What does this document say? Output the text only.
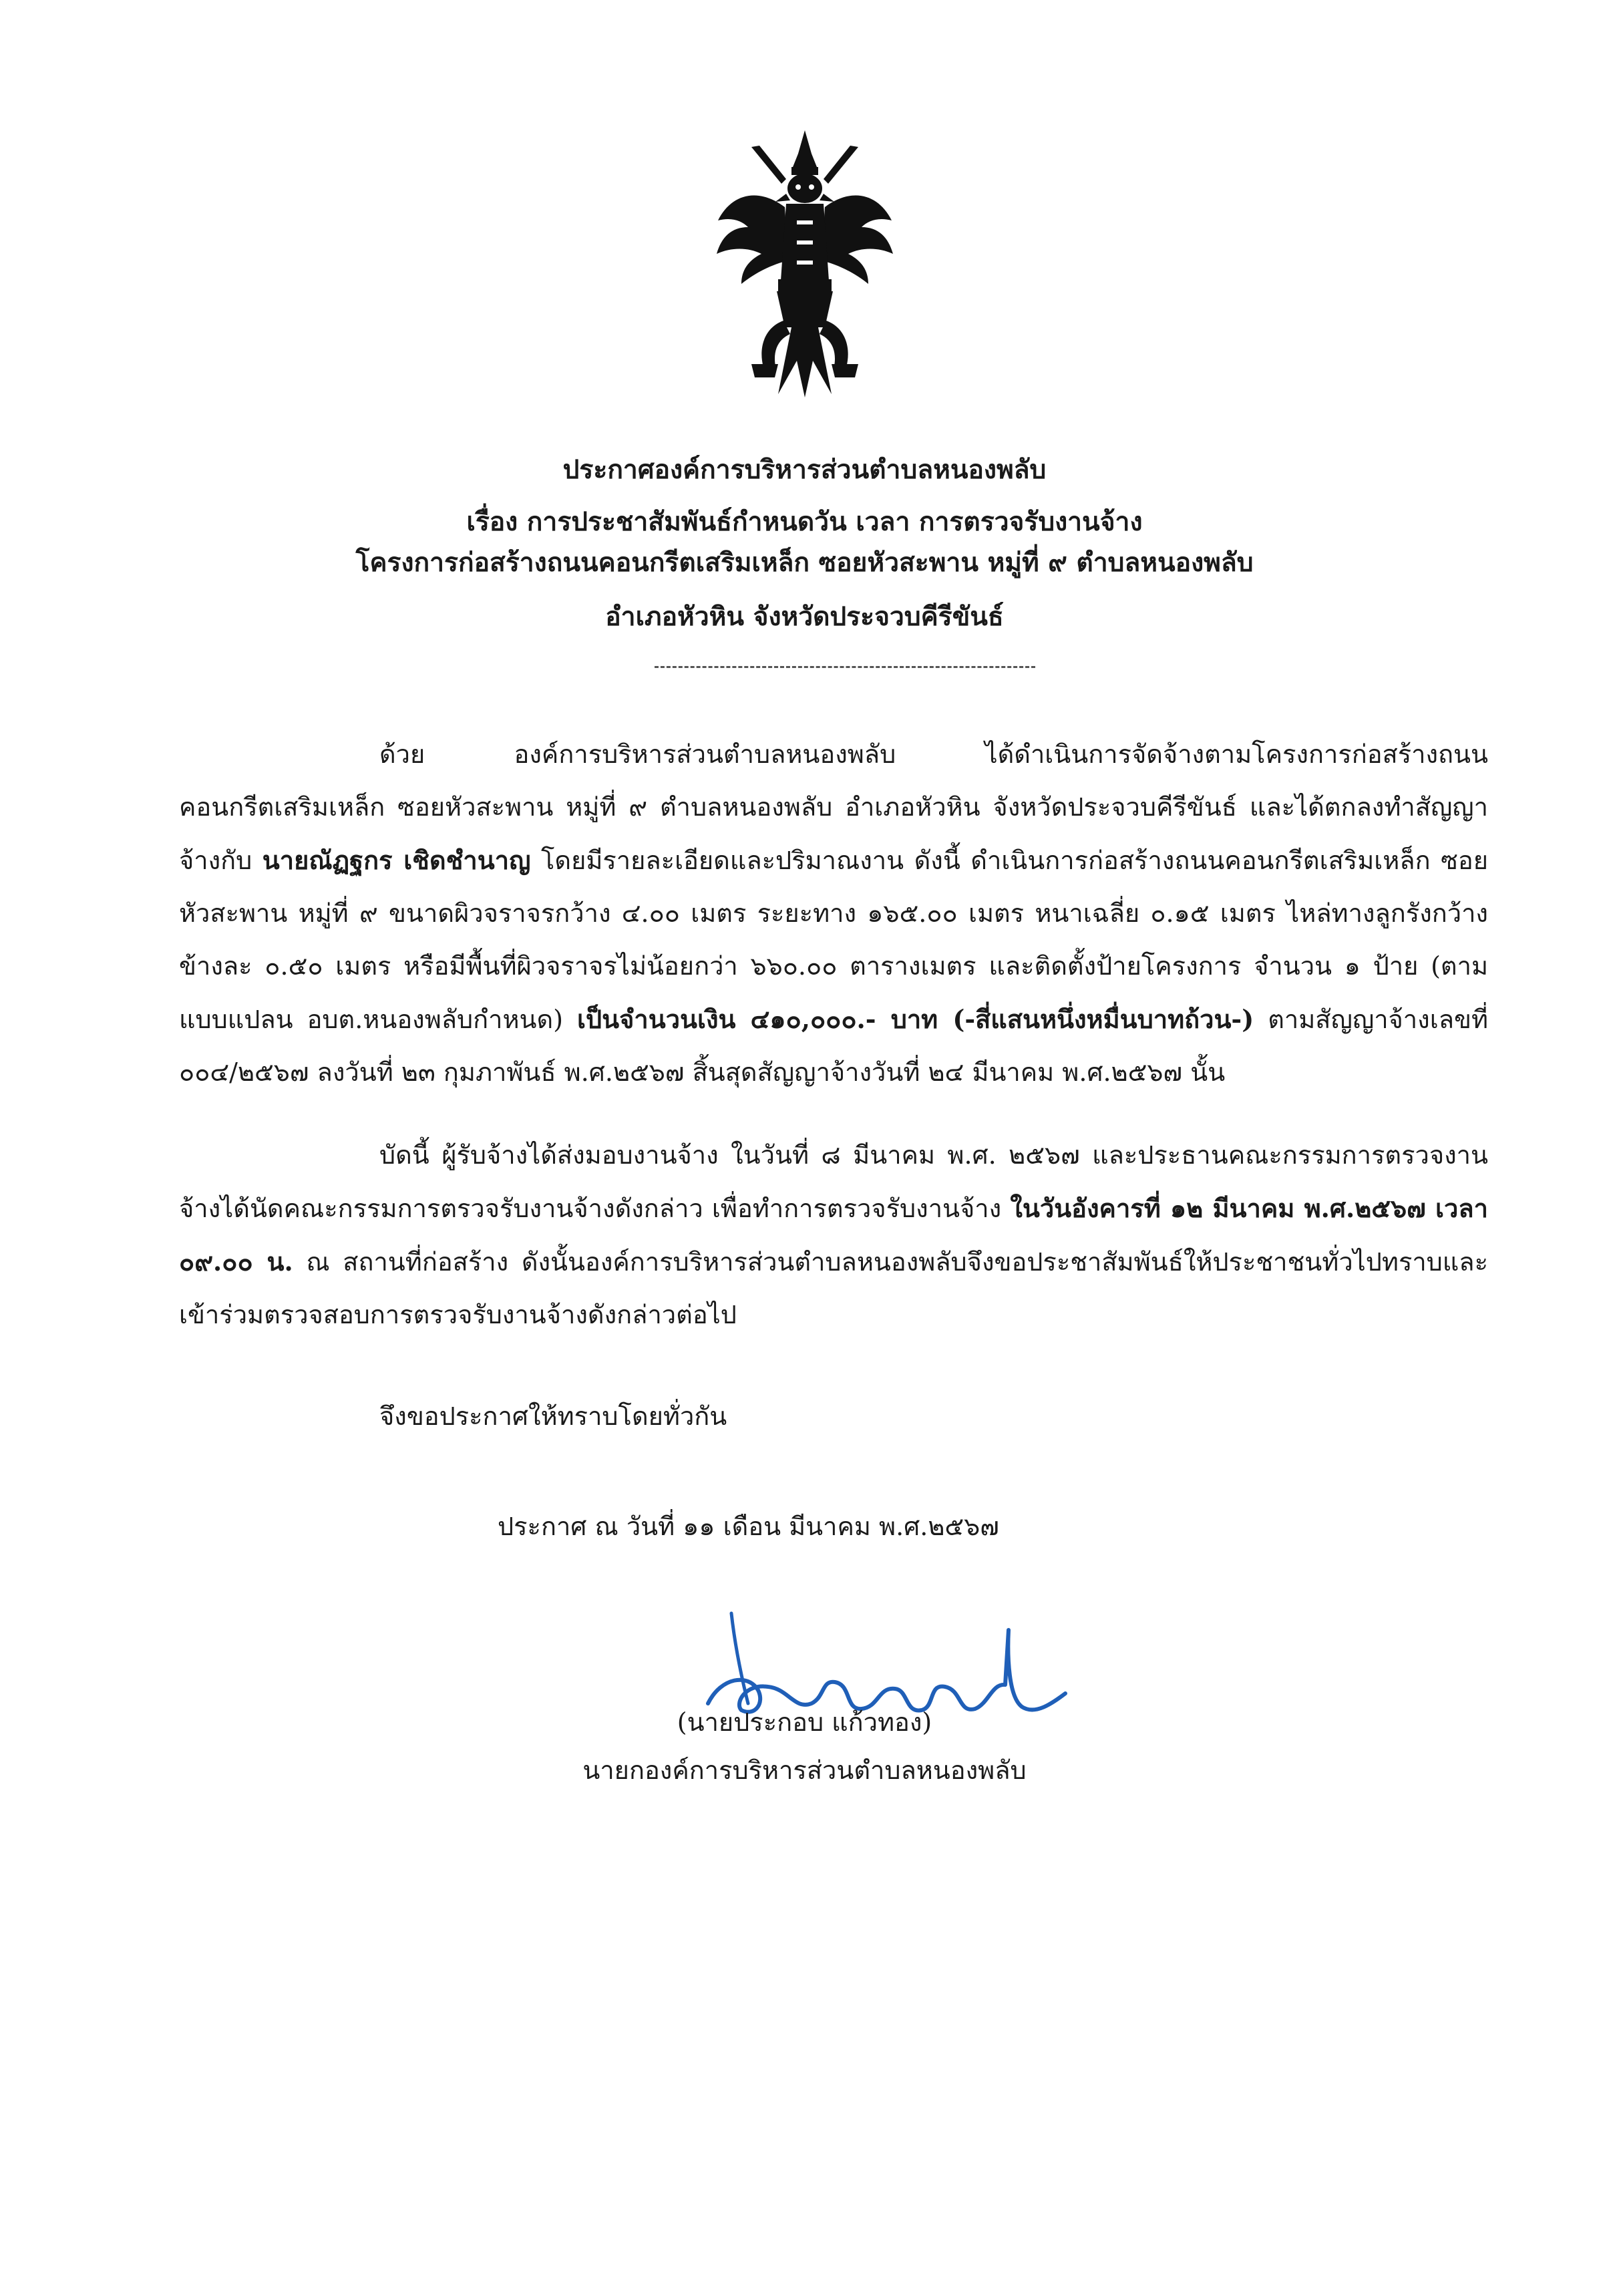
ประกาศองค์การบริหารส่วนตำบลหนองพลับ
เรื่อง การประชาสัมพันธ์กำหนดวัน เวลา การตรวจรับงานจ้าง
โครงการก่อสร้างถนนคอนกรีตเสริมเหล็ก ซอยหัวสะพาน หมู่ที่ ๙ ตำบลหนองพลับ
อำเภอหัวหิน จังหวัดประจวบคีรีขันธ์

ด้วย องค์การบริหารส่วนตำบลหนองพลับ ได้ดำเนินการจัดจ้างตามโครงการก่อสร้างถนนคอนกรีตเสริมเหล็ก ซอยหัวสะพาน หมู่ที่ ๙ ตำบลหนองพลับ อำเภอหัวหิน จังหวัดประจวบคีรีขันธ์ และได้ตกลงทำสัญญาจ้างกับ นายณัฏฐกร เชิดชำนาญ โดยมีรายละเอียดและปริมาณงาน ดังนี้ ดำเนินการก่อสร้างถนนคอนกรีตเสริมเหล็ก ซอยหัวสะพาน หมู่ที่ ๙ ขนาดผิวจราจรกว้าง ๔.๐๐ เมตร ระยะทาง ๑๖๕.๐๐ เมตร หนาเฉลี่ย ๐.๑๕ เมตร ไหล่ทางลูกรังกว้างข้างละ ๐.๕๐ เมตร หรือมีพื้นที่ผิวจราจรไม่น้อยกว่า ๖๖๐.๐๐ ตารางเมตร และติดตั้งป้ายโครงการ จำนวน ๑ ป้าย (ตามแบบแปลน อบต.หนองพลับกำหนด) เป็นจำนวนเงิน ๔๑๐,๐๐๐.- บาท (-สี่แสนหนึ่งหมื่นบาทถ้วน-) ตามสัญญาจ้างเลขที่ ๐๐๔/๒๕๖๗ ลงวันที่ ๒๓ กุมภาพันธ์ พ.ศ.๒๕๖๗ สิ้นสุดสัญญาจ้างวันที่ ๒๔ มีนาคม พ.ศ.๒๕๖๗ นั้น

บัดนี้ ผู้รับจ้างได้ส่งมอบงานจ้าง ในวันที่ ๘ มีนาคม พ.ศ. ๒๕๖๗ และประธานคณะกรรมการตรวจงานจ้างได้นัดคณะกรรมการตรวจรับงานจ้างดังกล่าว เพื่อทำการตรวจรับงานจ้าง ในวันอังคารที่ ๑๒ มีนาคม พ.ศ.๒๕๖๗ เวลา ๐๙.๐๐ น. ณ สถานที่ก่อสร้าง ดังนั้นองค์การบริหารส่วนตำบลหนองพลับจึงขอประชาสัมพันธ์ให้ประชาชนทั่วไปทราบและเข้าร่วมตรวจสอบการตรวจรับงานจ้างดังกล่าวต่อไป

จึงขอประกาศให้ทราบโดยทั่วกัน
ประกาศ ณ วันที่ ๑๑ เดือน มีนาคม พ.ศ.๒๕๖๗
(นายประกอบ แก้วทอง)
นายกองค์การบริหารส่วนตำบลหนองพลับ
